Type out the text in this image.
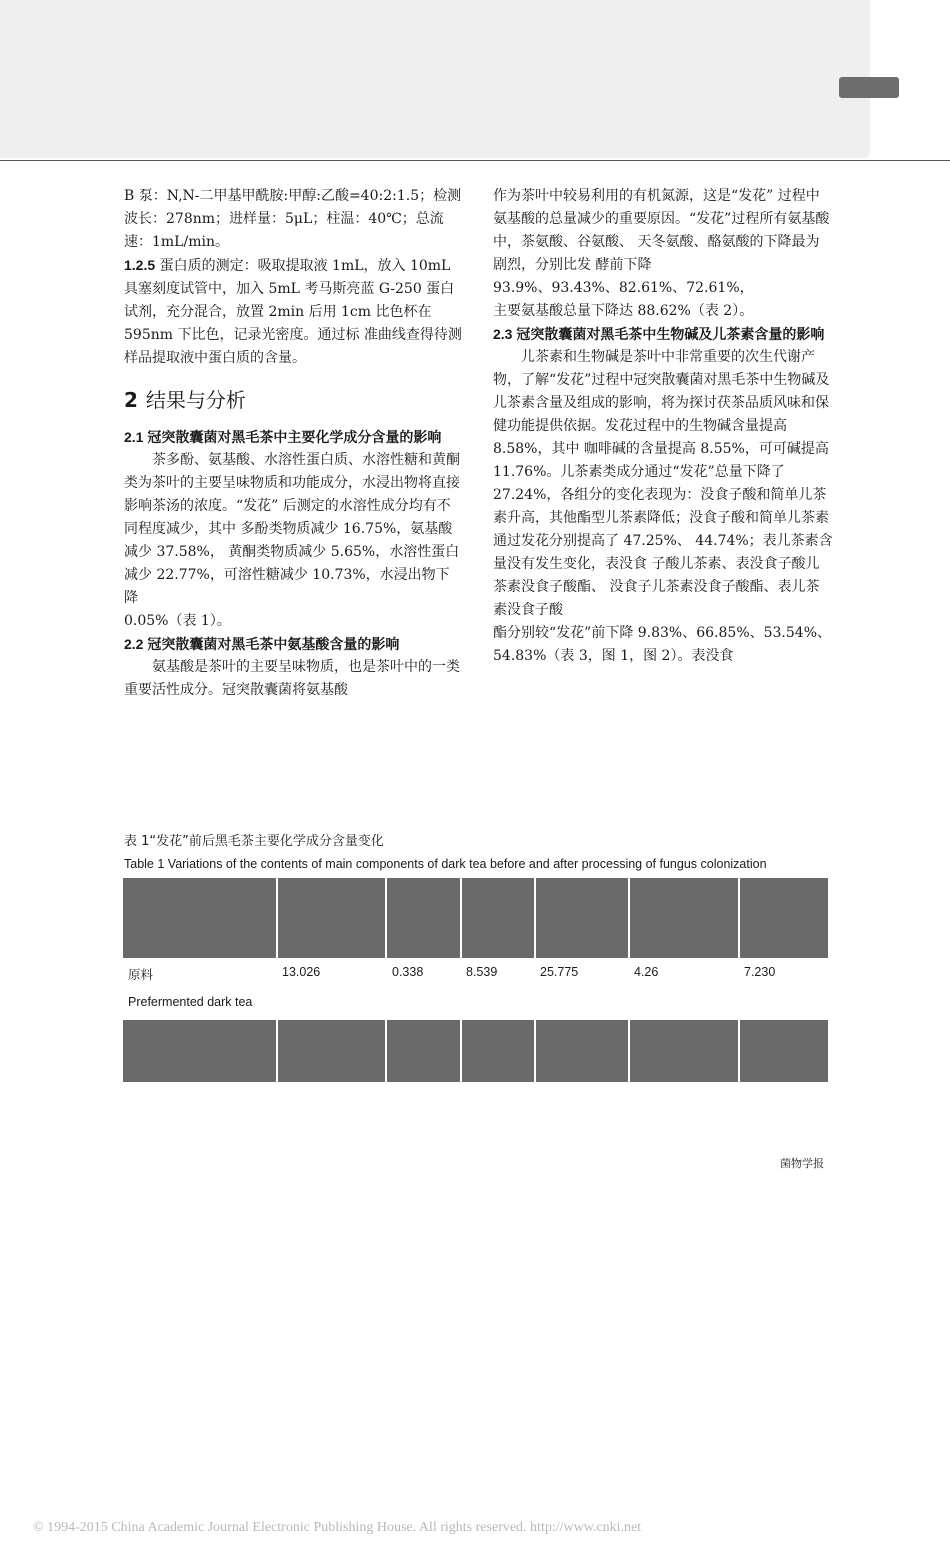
B 泵：N,N-二甲基甲酰胺:甲醇:乙酸=40:2:1.5；检测波长：278nm；进样量：5μL；柱温：40℃；总流速：1mL/min。

1.2.5 蛋白质的测定：吸取提取液 1mL，放入 10mL 具塞刻度试管中，加入 5mL 考马斯亮蓝 G-250 蛋白试剂，充分混合，放置 2min 后用 1cm 比色杯在 595nm 下比色，记录光密度。通过标 准曲线查得待测样品提取液中蛋白质的含量。

2 结果与分析

2.1 冠突散囊菌对黑毛茶中主要化学成分含量的影响

茶多酚、氨基酸、水溶性蛋白质、水溶性糖和黄酮类为茶叶的主要呈味物质和功能成分，水浸出物将直接影响茶汤的浓度。“发花” 后测定的水溶性成分均有不同程度减少，其中 多酚类物质减少 16.75%，氨基酸减少 37.58%， 黄酮类物质减少 5.65%，水溶性蛋白减少 22.77%，可溶性糖减少 10.73%，水浸出物下降

0.05%（表 1）。

2.2 冠突散囊菌对黑毛茶中氨基酸含量的影响

氨基酸是茶叶的主要呈味物质，也是茶叶中的一类重要活性成分。冠突散囊菌将氨基酸

作为茶叶中较易利用的有机氮源，这是“发花” 过程中氨基酸的总量减少的重要原因。“发花”过程所有氨基酸中，茶氨酸、谷氨酸、 天冬氨酸、酪氨酸的下降最为剧烈，分别比发 酵前下降

93.9%、93.43%、82.61%、72.61%，

主要氨基酸总量下降达 88.62%（表 2）。

2.3 冠突散囊菌对黑毛茶中生物碱及儿茶素含量的影响

儿茶素和生物碱是茶叶中非常重要的次生代谢产物，了解“发花”过程中冠突散囊菌对黑毛茶中生物碱及儿茶素含量及组成的影响，将为探讨茯茶品质风味和保健功能提供依据。发花过程中的生物碱含量提高 8.58%，其中 咖啡碱的含量提高 8.55%，可可碱提高 11.76%。儿茶素类成分通过“发花”总量下降了 27.24%，各组分的变化表现为：没食子酸和简单儿茶素升高，其他酯型儿茶素降低；没食子酸和简单儿茶素通过发花分别提高了 47.25%、 44.74%；表儿茶素含量没有发生变化，表没食 子酸儿茶素、表没食子酸儿茶素没食子酸酯、 没食子儿茶素没食子酸酯、表儿茶素没食子酸

酯分别较“发花”前下降 9.83%、66.85%、53.54%、54.83%（表 3，图 1，图 2）。表没食

表 1“发花”前后黑毛茶主要化学成分含量变化
Table 1 Variations of the contents of main components of dark tea before and after processing of fungus colonization
原料	13.026	0.338	8.539	25.775	4.26	7.230
Prefermented dark tea
菌物学报
© 1994-2015 China Academic Journal Electronic Publishing House. All rights reserved. http://www.cnki.net
